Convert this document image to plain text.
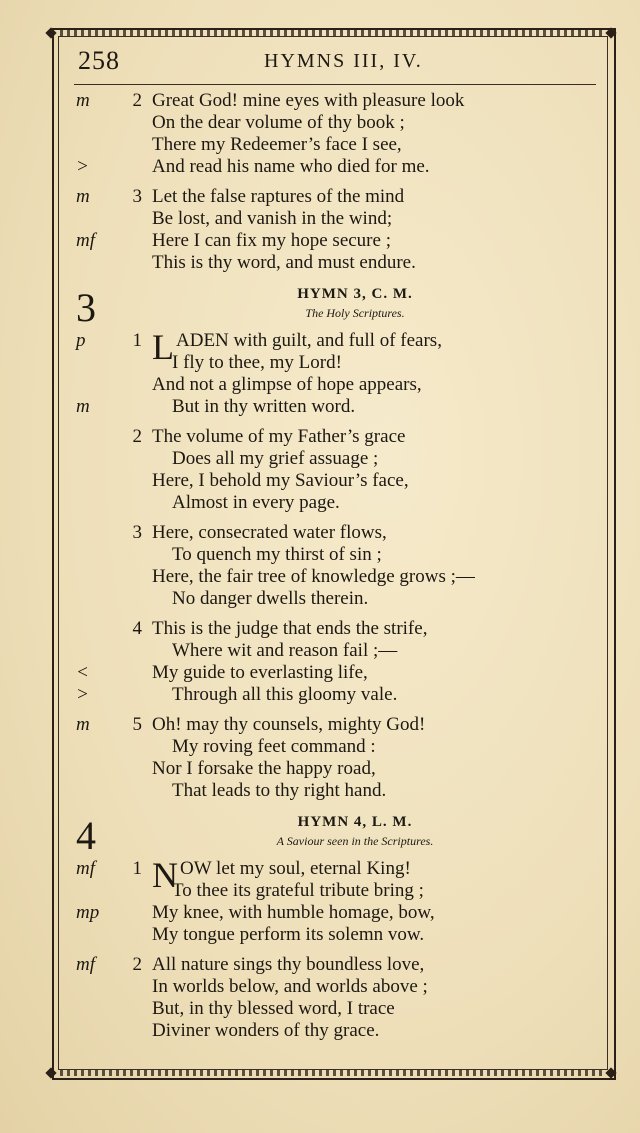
258	HYMNS III, IV.
m	2 Great God! mine eyes with pleasure look
On the dear volume of thy book ;
There my Redeemer’s face I see,
>	And read his name who died for me.
m	3 Let the false raptures of the mind
Be lost, and vanish in the wind;
mf	Here I can fix my hope secure ;
This is thy word, and must endure.
3	HYMN 3, C. M.
The Holy Scriptures.
p	1 LADEN with guilt, and full of fears,
I fly to thee, my Lord!
And not a glimpse of hope appears,
m	But in thy written word.
2 The volume of my Father’s grace
Does all my grief assuage ;
Here, I behold my Saviour’s face,
Almost in every page.
3 Here, consecrated water flows,
To quench my thirst of sin ;
Here, the fair tree of knowledge grows ;—
No danger dwells therein.
4 This is the judge that ends the strife,
Where wit and reason fail ;—
<	My guide to everlasting life,
>	Through all this gloomy vale.
m	5 Oh! may thy counsels, mighty God!
My roving feet command :
Nor I forsake the happy road,
That leads to thy right hand.
4	HYMN 4, L. M.
A Saviour seen in the Scriptures.
mf	1 NOW let my soul, eternal King!
To thee its grateful tribute bring ;
mp	My knee, with humble homage, bow,
My tongue perform its solemn vow.
mf	2 All nature sings thy boundless love,
In worlds below, and worlds above ;
But, in thy blessed word, I trace
Diviner wonders of thy grace.
